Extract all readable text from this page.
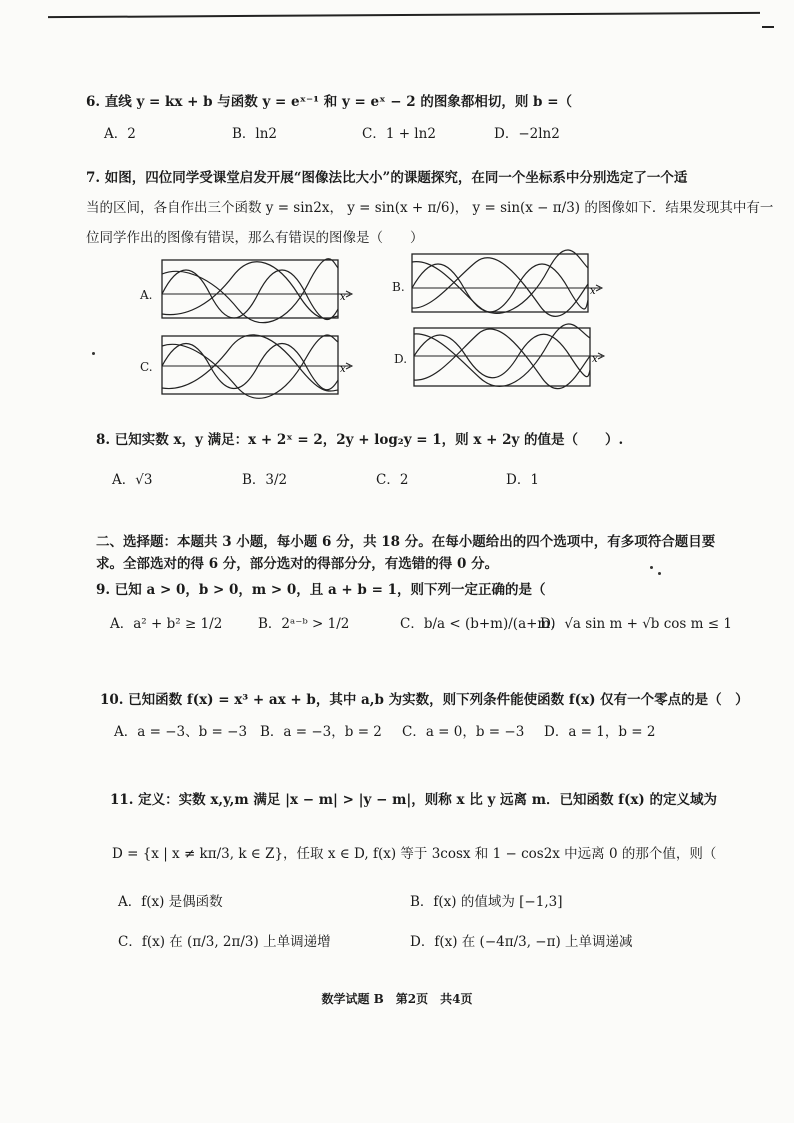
6. 直线 y = kx + b 与函数 y = eˣ⁻¹ 和 y = eˣ − 2 的图象都相切，则 b =（
A．2	B．ln2	C．1 + ln2	D．−2ln2
7. 如图，四位同学受课堂启发开展“图像法比大小”的课题探究，在同一个坐标系中分别选定了一个适
当的区间，各自作出三个函数 y = sin2x， y = sin(x + π/6)， y = sin(x − π/3) 的图像如下．结果发现其中有一
位同学作出的图像有错误，那么有错误的图像是（　　）
A.	x
B.	x
C.	x
D.	x
8. 已知实数 x，y 满足：x + 2ˣ = 2，2y + log₂y = 1，则 x + 2y 的值是（　　）.
A．√3	B．3/2	C．2	D．1
二、选择题：本题共 3 小题，每小题 6 分，共 18 分。在每小题给出的四个选项中，有多项符合题目要
求。全部选对的得 6 分，部分选对的得部分分，有选错的得 0 分。
9. 已知 a > 0，b > 0，m > 0，且 a + b = 1，则下列一定正确的是（
A．a² + b² ≥ 1/2	B．2ᵃ⁻ᵇ > 1/2	C．b/a < (b+m)/(a+m)
D．√a sin m + √b cos m ≤ 1
10. 已知函数 f(x) = x³ + ax + b，其中 a,b 为实数，则下列条件能使函数 f(x) 仅有一个零点的是（　）
A．a = −3、b = −3 B．a = −3，b = 2 C．a = 0，b = −3 D．a = 1，b = 2
11. 定义：实数 x,y,m 满足 |x − m| > |y − m|，则称 x 比 y 远离 m．已知函数 f(x) 的定义域为
D = {x | x ≠ kπ/3, k ∈ Z}，任取 x ∈ D, f(x) 等于 3cosx 和 1 − cos2x 中远离 0 的那个值，则（
A．f(x) 是偶函数	B．f(x) 的值域为 [−1,3]
C．f(x) 在 (π/3, 2π/3) 上单调递增	D．f(x) 在 (−4π/3, −π) 上单调递减
数学试题 B　第2页　共4页
